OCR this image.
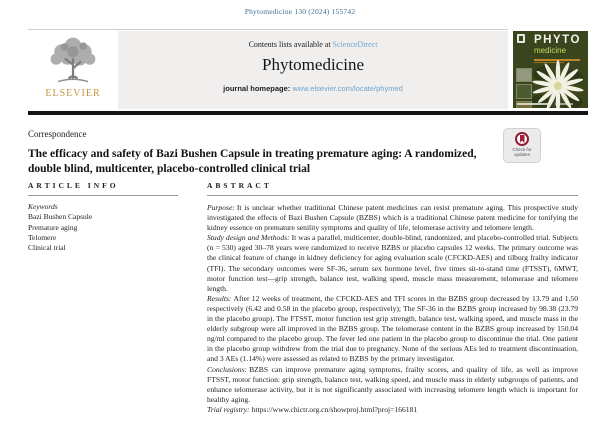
Phytomedicine 130 (2024) 155742
ELSEVIER
Contents lists available at ScienceDirect
Phytomedicine
journal homepage: www.elsevier.com/locate/phymed
PHYTO
medicine
Correspondence
The efficacy and safety of Bazi Bushen Capsule in treating premature aging: A randomized, double blind, multicenter, placebo-controlled clinical trial
Check for updates
ARTICLE INFO
Keywords
Bazi Bushen Capsule
Premature aging
Telomere
Clinical trial
ABSTRACT

Purpose: It is unclear whether traditional Chinese patent medicines can resist premature aging. This prospective study investigated the effects of Bazi Bushen Capsule (BZBS) which is a traditional Chinese patent medicine for tonifying the kidney essence on premature senility symptoms and quality of life, telomerase activity and telomere length.

Study design and Methods: It was a parallel, multicenter, double-blind, randomized, and placebo-controlled trial. Subjects (n = 530) aged 30–78 years were randomized to receive BZBS or placebo capsules 12 weeks. The primary outcome was the clinical feature of change in kidney deficiency for aging evaluation scale (CFCKD-AES) and tilburg frailty indicator (TFI). The secondary outcomes were SF-36, serum sex hormone level, five times sit-to-stand time (FTSST), 6MWT, motor function test—grip strength, balance test, walking speed, muscle mass measurement, telomerase and telomere length.

Results: After 12 weeks of treatment, the CFCKD-AES and TFI scores in the BZBS group decreased by 13.79 and 1.50 respectively (6.42 and 0.58 in the placebo group, respectively); The SF-36 in the BZBS group increased by 98.38 (23.79 in the placebo group). The FTSST, motor function test grip strength, balance test, walking speed, and muscle mass in the elderly subgroup were all improved in the BZBS group. The telomerase content in the BZBS group increased by 150.04 ng/ml compared to the placebo group. The fever led one patient in the placebo group to discontinue the trial. One patient in the placebo group withdrew from the trial due to pregnancy. None of the serious AEs led to treatment discontinuation, and 3 AEs (1.14%) were assessed as related to BZBS by the primary investigator.

Conclusions: BZBS can improve premature aging symptoms, frailty scores, and quality of life, as well as improve FTSST, motor function: grip strength, balance test, walking speed, and muscle mass in elderly subgroups of patients, and enhance telomerase activity, but it is not significantly associated with increasing telomere length which is important for healthy aging.

Trial registry: https://www.chictr.org.cn/showproj.html?proj=166181
